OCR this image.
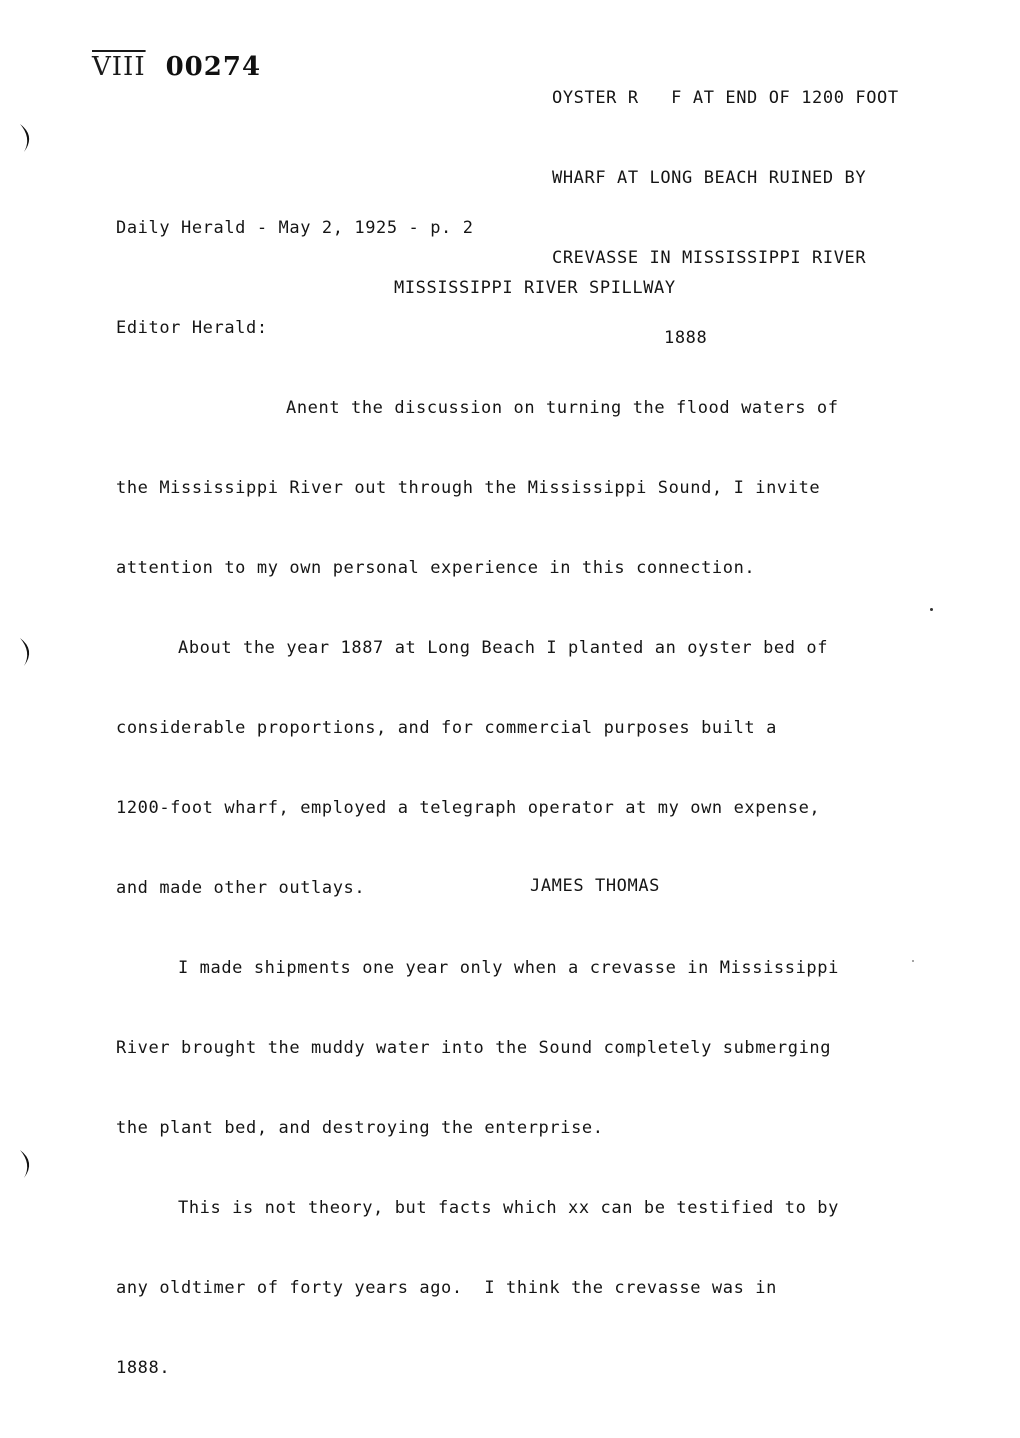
VIII 00274

OYSTER R   F AT END OF 1200 FOOT

WHARF AT LONG BEACH RUINED BY

CREVASSE IN MISSISSIPPI RIVER

1888

Daily Herald - May 2, 1925 - p. 2
MISSISSIPPI RIVER SPILLWAY
Editor Herald:

Anent the discussion on turning the flood waters of

the Mississippi River out through the Mississippi Sound, I invite

attention to my own personal experience in this connection.

About the year 1887 at Long Beach I planted an oyster bed of

considerable proportions, and for commercial purposes built a

1200-foot wharf, employed a telegraph operator at my own expense,

and made other outlays.

I made shipments one year only when a crevasse in Mississippi

River brought the muddy water into the Sound completely submerging

the plant bed, and destroying the enterprise.

This is not theory, but facts which xx can be testified to by

any oldtimer of forty years ago.  I think the crevasse was in

1888.

JAMES THOMAS
